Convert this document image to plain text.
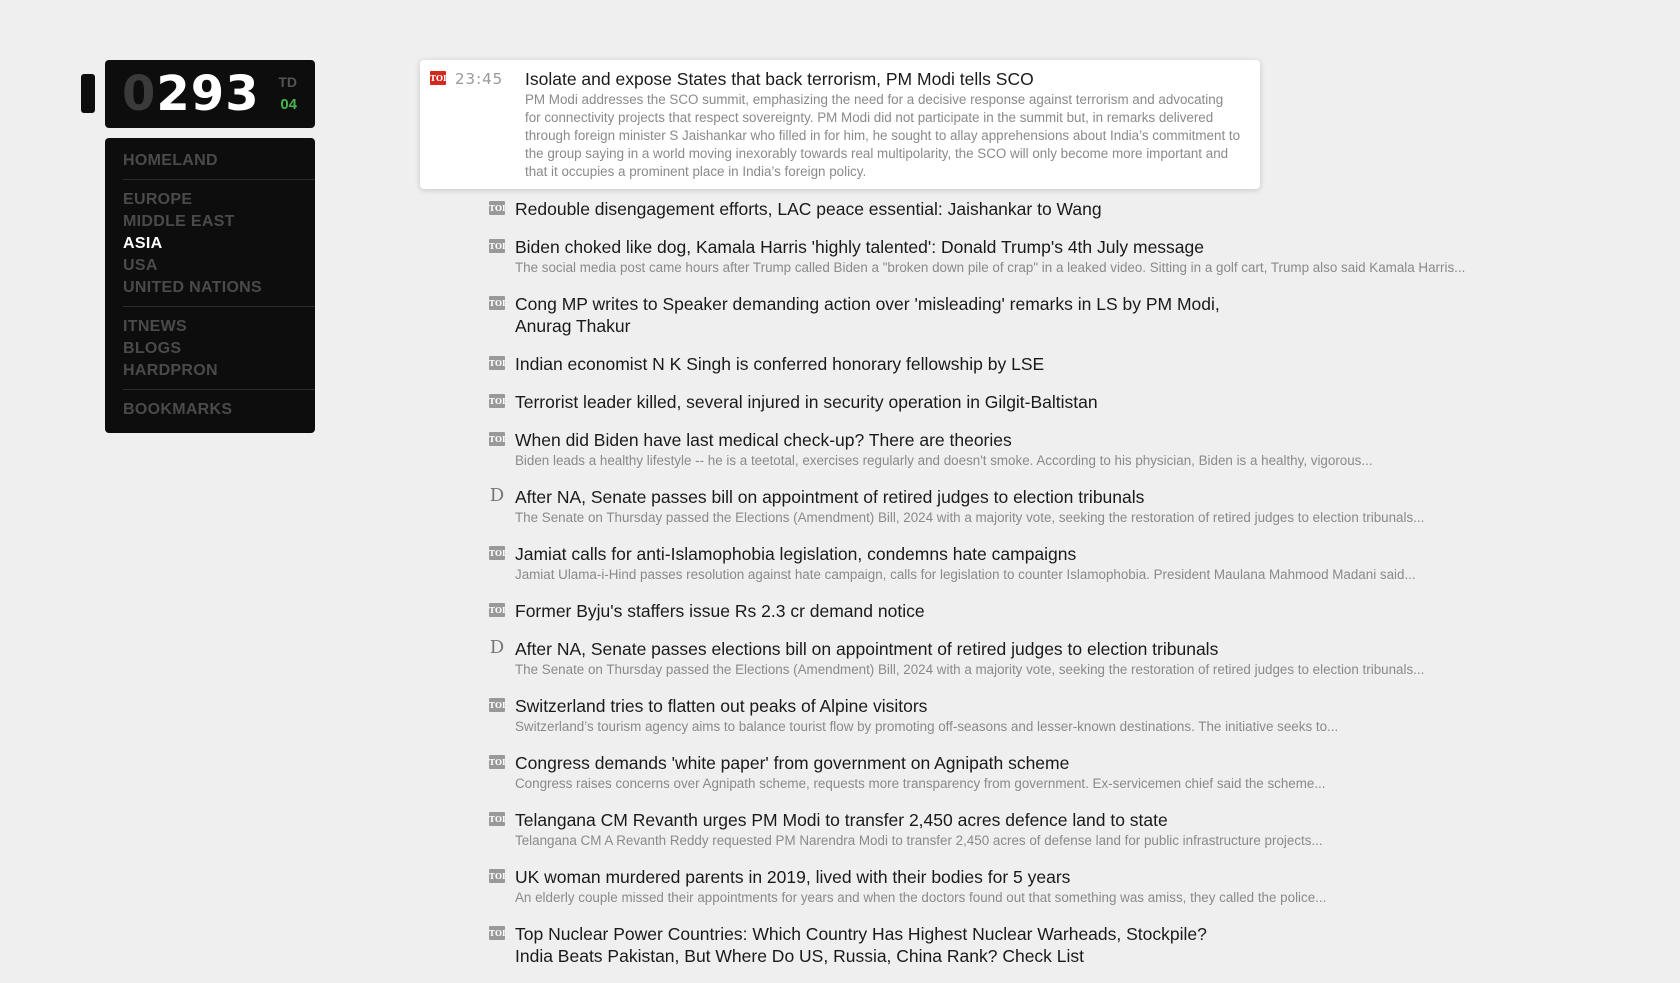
0293 TD
04
HOMELAND
EUROPE
MIDDLE EAST
ASIA
USA
UNITED NATIONS
ITNEWS
BLOGS
HARDPRON
BOOKMARKS
TOI 23:45 Isolate and expose States that back terrorism, PM Modi tells SCO
PM Modi addresses the SCO summit, emphasizing the need for a decisive response against terrorism and advocating for connectivity projects that respect sovereignty. PM Modi did not participate in the summit but, in remarks delivered through foreign minister S Jaishankar who filled in for him, he sought to allay apprehensions about India’s commitment to the group saying in a world moving inexorably towards real multipolarity, the SCO will only become more important and that it occupies a prominent place in India’s foreign policy.
TOI Redouble disengagement efforts, LAC peace essential: Jaishankar to Wang
TOI Biden choked like dog, Kamala Harris 'highly talented': Donald Trump's 4th July message
The social media post came hours after Trump called Biden a "broken down pile of crap" in a leaked video. Sitting in a golf cart, Trump also said Kamala Harris...
TOI Cong MP writes to Speaker demanding action over 'misleading' remarks in LS by PM Modi, Anurag Thakur
TOI Indian economist N K Singh is conferred honorary fellowship by LSE
TOI Terrorist leader killed, several injured in security operation in Gilgit-Baltistan
TOI When did Biden have last medical check-up? There are theories
Biden leads a healthy lifestyle -- he is a teetotal, exercises regularly and doesn't smoke. According to his physician, Biden is a healthy, vigorous...
D After NA, Senate passes bill on appointment of retired judges to election tribunals
The Senate on Thursday passed the Elections (Amendment) Bill, 2024 with a majority vote, seeking the restoration of retired judges to election tribunals...
TOI Jamiat calls for anti-Islamophobia legislation, condemns hate campaigns
Jamiat Ulama-i-Hind passes resolution against hate campaign, calls for legislation to counter Islamophobia. President Maulana Mahmood Madani said...
TOI Former Byju's staffers issue Rs 2.3 cr demand notice
D After NA, Senate passes elections bill on appointment of retired judges to election tribunals
The Senate on Thursday passed the Elections (Amendment) Bill, 2024 with a majority vote, seeking the restoration of retired judges to election tribunals...
TOI Switzerland tries to flatten out peaks of Alpine visitors
Switzerland’s tourism agency aims to balance tourist flow by promoting off-seasons and lesser-known destinations. The initiative seeks to...
TOI Congress demands 'white paper' from government on Agnipath scheme
Congress raises concerns over Agnipath scheme, requests more transparency from government. Ex-servicemen chief said the scheme...
TOI Telangana CM Revanth urges PM Modi to transfer 2,450 acres defence land to state
Telangana CM A Revanth Reddy requested PM Narendra Modi to transfer 2,450 acres of defense land for public infrastructure projects...
TOI UK woman murdered parents in 2019, lived with their bodies for 5 years
An elderly couple missed their appointments for years and when the doctors found out that something was amiss, they called the police...
TOI Top Nuclear Power Countries: Which Country Has Highest Nuclear Warheads, Stockpile? India Beats Pakistan, But Where Do US, Russia, China Rank? Check List
